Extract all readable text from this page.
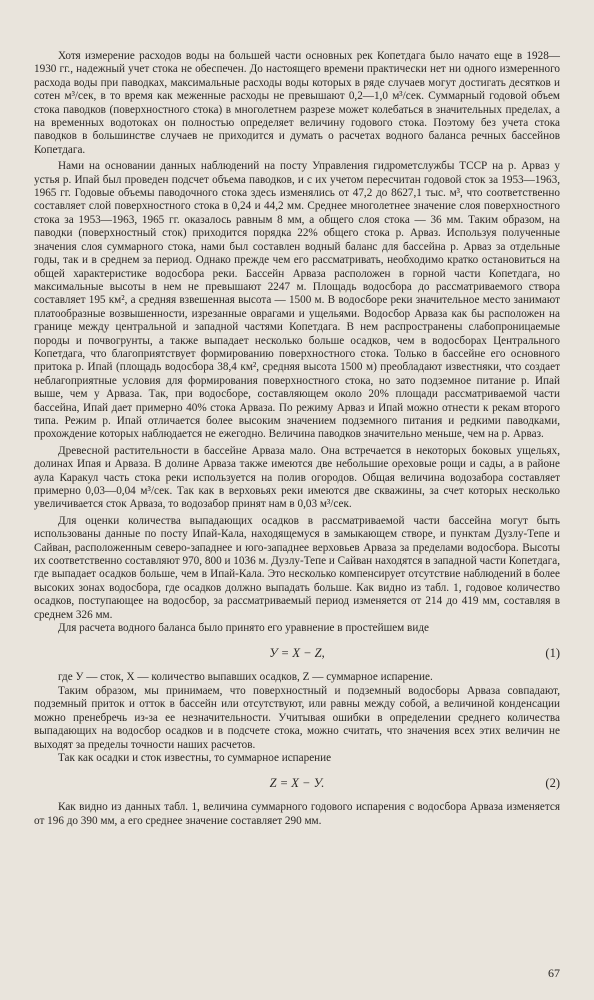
Хотя измерение расходов воды на большей части основных рек Копетдага было начато еще в 1928—1930 гг., надежный учет стока не обеспечен. До настоящего времени практически нет ни одного измеренного расхода воды при паводках, максимальные расходы воды которых в ряде случаев могут достигать десятков и сотен м³/сек, в то время как меженные расходы не превышают 0,2—1,0 м³/сек. Суммарный годовой объем стока паводков (поверхностного стока) в многолетнем разрезе может колебаться в значительных пределах, а на временных водотоках он полностью определяет величину годового стока. Поэтому без учета стока паводков в большинстве случаев не приходится и думать о расчетах водного баланса речных бассейнов Копетдага.

Нами на основании данных наблюдений на посту Управления гидрометслужбы ТССР на р. Арваз у устья р. Ипай был проведен подсчет объема паводков, и с их учетом пересчитан годовой сток за 1953—1963, 1965 гг. Годовые объемы паводочного стока здесь изменялись от 47,2 до 8627,1 тыс. м³, что соответственно составляет слой поверхностного стока в 0,24 и 44,2 мм. Среднее многолетнее значение слоя поверхностного стока за 1953—1963, 1965 гг. оказалось равным 8 мм, а общего слоя стока — 36 мм. Таким образом, на паводки (поверхностный сток) приходится порядка 22% общего стока р. Арваз. Используя полученные значения слоя суммарного стока, нами был составлен водный баланс для бассейна р. Арваз за отдельные годы, так и в среднем за период. Однако прежде чем его рассматривать, необходимо кратко остановиться на общей характеристике водосбора реки. Бассейн Арваза расположен в горной части Копетдага, но максимальные высоты в нем не превышают 2247 м. Площадь водосбора до рассматриваемого створа составляет 195 км², а средняя взвешенная высота — 1500 м. В водосборе реки значительное место занимают платообразные возвышенности, изрезанные оврагами и ущельями. Водосбор Арваза как бы расположен на границе между центральной и западной частями Копетдага. В нем распространены слабопроницаемые породы и почвогрунты, а также выпадает несколько больше осадков, чем в водосборах Центрального Копетдага, что благоприятствует формированию поверхностного стока. Только в бассейне его основного притока р. Ипай (площадь водосбора 38,4 км², средняя высота 1500 м) преобладают известняки, что создает неблагоприятные условия для формирования поверхностного стока, но зато подземное питание р. Ипай выше, чем у Арваза. Так, при водосборе, составляющем около 20% площади рассматриваемой части бассейна, Ипай дает примерно 40% стока Арваза. По режиму Арваз и Ипай можно отнести к рекам второго типа. Режим р. Ипай отличается более высоким значением подземного питания и редкими паводками, прохождение которых наблюдается не ежегодно. Величина паводков значительно меньше, чем на р. Арваз.

Древесной растительности в бассейне Арваза мало. Она встречается в некоторых боковых ущельях, долинах Ипая и Арваза. В долине Арваза также имеются две небольшие ореховые рощи и сады, а в районе аула Каракул часть стока реки используется на полив огородов. Общая величина водозабора составляет примерно 0,03—0,04 м³/сек. Так как в верховьях реки имеются две скважины, за счет которых несколько увеличивается сток Арваза, то водозабор принят нам в 0,03 м³/сек.

Для оценки количества выпадающих осадков в рассматриваемой части бассейна могут быть использованы данные по посту Ипай-Кала, находящемуся в замыкающем створе, и пунктам Дузлу-Тепе и Сайван, расположенным северо-западнее и юго-западнее верховьев Арваза за пределами водосбора. Высоты их соответственно составляют 970, 800 и 1036 м. Дузлу-Тепе и Сайван находятся в западной части Копетдага, где выпадает осадков больше, чем в Ипай-Кала. Это несколько компенсирует отсутствие наблюдений в более высоких зонах водосбора, где осадков должно выпадать больше. Как видно из табл. 1, годовое количество осадков, поступающее на водосбор, за рассматриваемый период изменяется от 214 до 419 мм, составляя в среднем 326 мм.

Для расчета водного баланса было принято его уравнение в простейшем виде

У = Х − Z,	(1)

где У — сток, Х — количество выпавших осадков, Z — суммарное испарение.

Таким образом, мы принимаем, что поверхностный и подземный водосборы Арваза совпадают, подземный приток и отток в бассейн или отсутствуют, или равны между собой, а величиной конденсации можно пренебречь из-за ее незначительности. Учитывая ошибки в определении среднего количества выпадающих на водосбор осадков и в подсчете стока, можно считать, что значения всех этих величин не выходят за пределы точности наших расчетов.

Так как осадки и сток известны, то суммарное испарение

Z = Х − У.	(2)

Как видно из данных табл. 1, величина суммарного годового испарения с водосбора Арваза изменяется от 196 до 390 мм, а его среднее значение составляет 290 мм.

67
